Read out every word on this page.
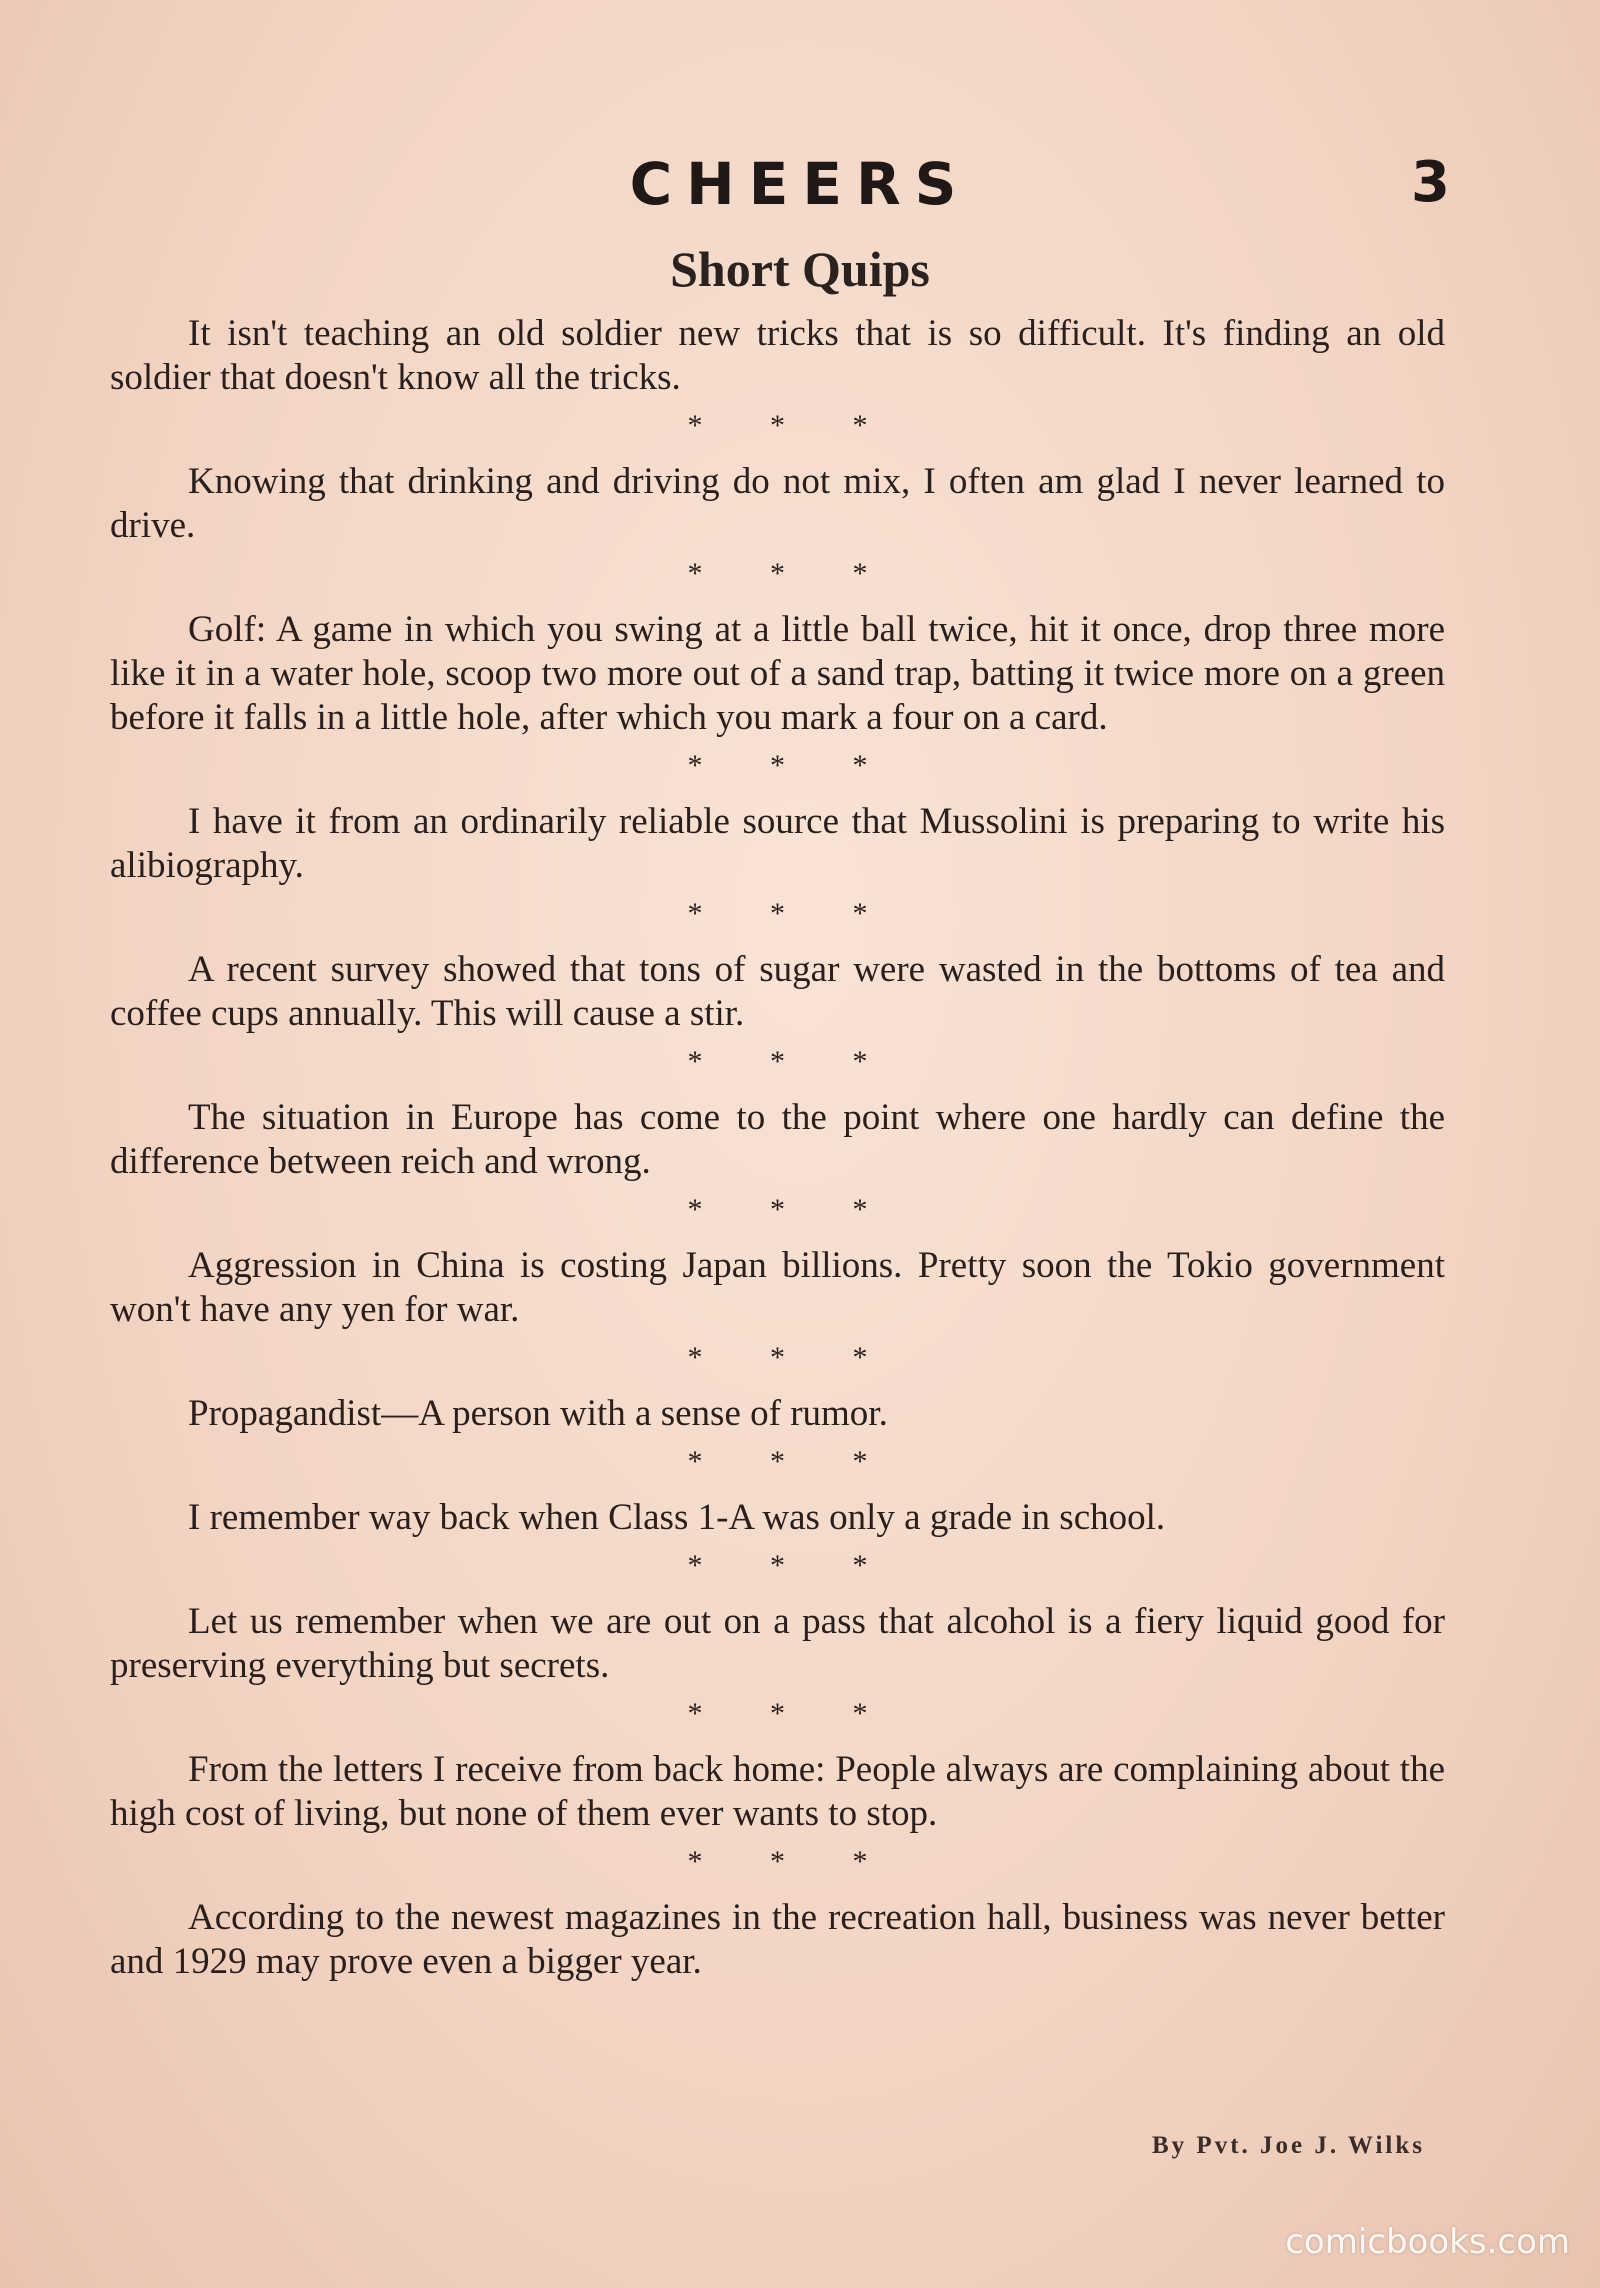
CHEERS	3
Short Quips

It isn't teaching an old soldier new tricks that is so difficult. It's finding an old soldier that doesn't know all the tricks.

* * *

Knowing that drinking and driving do not mix, I often am glad I never learned to drive.

* * *

Golf: A game in which you swing at a little ball twice, hit it once, drop three more like it in a water hole, scoop two more out of a sand trap, batting it twice more on a green before it falls in a little hole, after which you mark a four on a card.

* * *

I have it from an ordinarily reliable source that Mussolini is preparing to write his alibiography.

* * *

A recent survey showed that tons of sugar were wasted in the bottoms of tea and coffee cups annually. This will cause a stir.

* * *

The situation in Europe has come to the point where one hardly can define the difference between reich and wrong.

* * *

Aggression in China is costing Japan billions. Pretty soon the Tokio government won't have any yen for war.

* * *

Propagandist—A person with a sense of rumor.

* * *

I remember way back when Class 1-A was only a grade in school.

* * *

Let us remember when we are out on a pass that alcohol is a fiery liquid good for preserving everything but secrets.

* * *

From the letters I receive from back home: People always are complaining about the high cost of living, but none of them ever wants to stop.

* * *

According to the newest magazines in the recreation hall, business was never better and 1929 may prove even a bigger year.

By Pvt. Joe J. Wilks
comicbooks.com
